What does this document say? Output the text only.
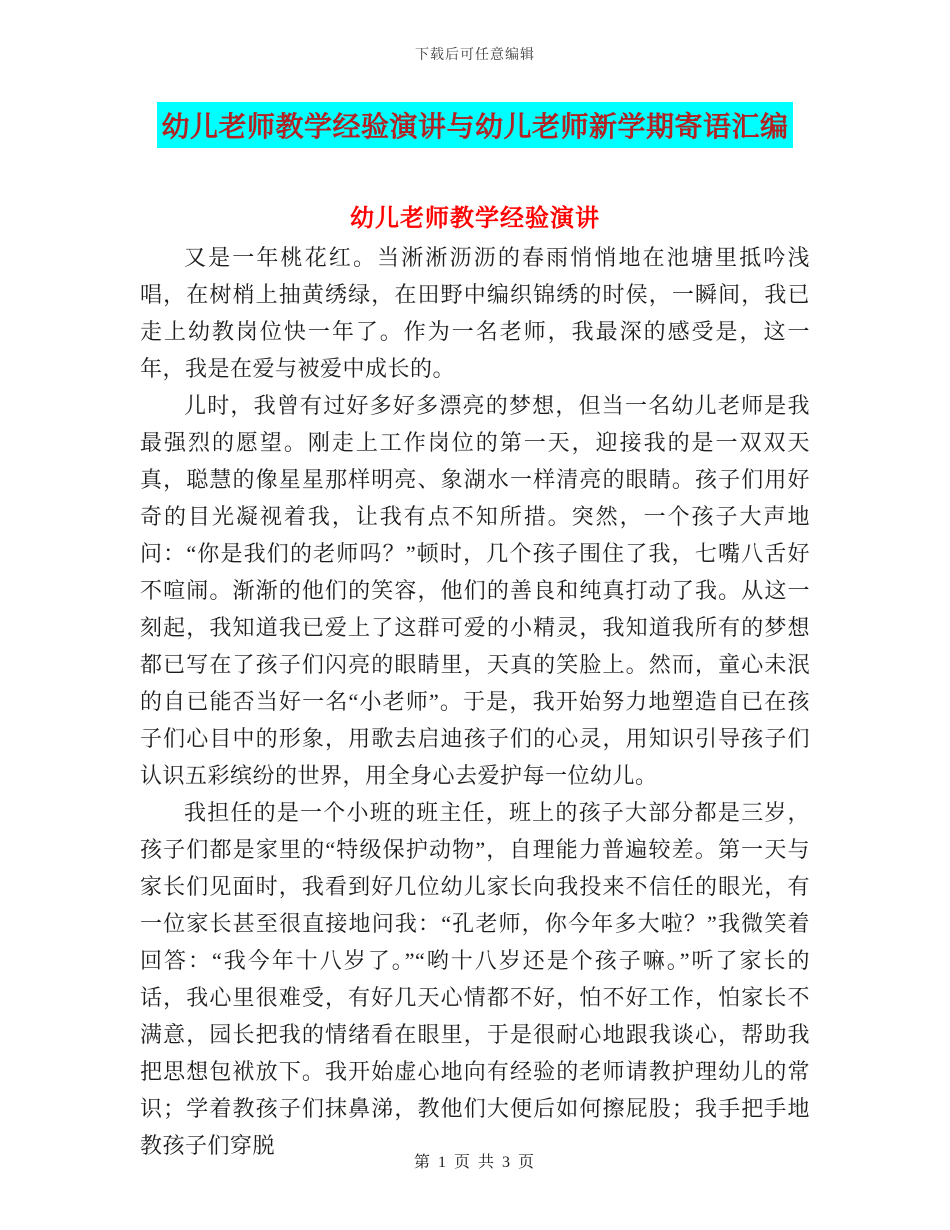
下载后可任意编辑
幼儿老师教学经验演讲与幼儿老师新学期寄语汇编
幼儿老师教学经验演讲

又是一年桃花红。当淅淅沥沥的春雨悄悄地在池塘里抵吟浅唱，在树梢上抽黄绣绿，在田野中编织锦绣的时侯，一瞬间，我已走上幼教岗位快一年了。作为一名老师，我最深的感受是，这一年，我是在爱与被爱中成长的。

儿时，我曾有过好多好多漂亮的梦想，但当一名幼儿老师是我最强烈的愿望。刚走上工作岗位的第一天，迎接我的是一双双天真，聪慧的像星星那样明亮、象湖水一样清亮的眼睛。孩子们用好奇的目光凝视着我，让我有点不知所措。突然，一个孩子大声地问：“你是我们的老师吗？”顿时，几个孩子围住了我，七嘴八舌好不喧闹。渐渐的他们的笑容，他们的善良和纯真打动了我。从这一刻起，我知道我已爱上了这群可爱的小精灵，我知道我所有的梦想都已写在了孩子们闪亮的眼睛里，天真的笑脸上。然而，童心未泯的自已能否当好一名“小老师”。于是，我开始努力地塑造自已在孩子们心目中的形象，用歌去启迪孩子们的心灵，用知识引导孩子们认识五彩缤纷的世界，用全身心去爱护每一位幼儿。

我担任的是一个小班的班主任，班上的孩子大部分都是三岁，孩子们都是家里的“特级保护动物”，自理能力普遍较差。第一天与家长们见面时，我看到好几位幼儿家长向我投来不信任的眼光，有一位家长甚至很直接地问我：“孔老师，你今年多大啦？”我微笑着回答：“我今年十八岁了。”“哟十八岁还是个孩子嘛。”听了家长的话，我心里很难受，有好几天心情都不好，怕不好工作，怕家长不满意，园长把我的情绪看在眼里，于是很耐心地跟我谈心，帮助我把思想包袱放下。我开始虚心地向有经验的老师请教护理幼儿的常识；学着教孩子们抹鼻涕，教他们大便后如何擦屁股；我手把手地教孩子们穿脱

第 1 页 共 3 页
